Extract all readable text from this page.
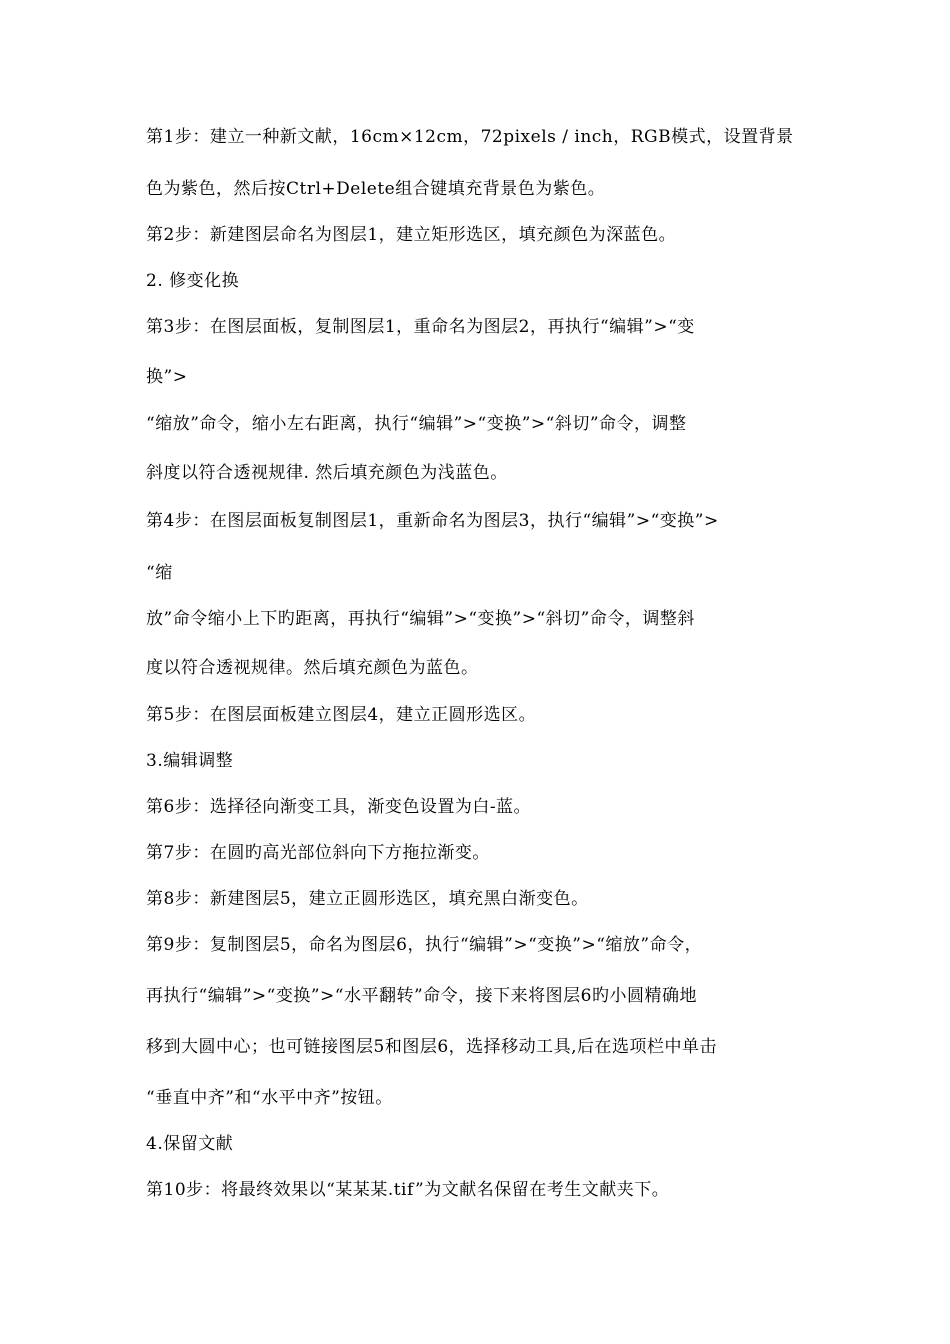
第1步：建立一种新文献，16cm×12cm，72pixels / inch，RGB模式，设置背景
色为紫色，然后按Ctrl+Delete组合键填充背景色为紫色。
第2步：新建图层命名为图层1，建立矩形选区，填充颜色为深蓝色。
2. 修变化换
第3步：在图层面板，复制图层1，重命名为图层2，再执行“编辑”>“变
换”>
“缩放”命令，缩小左右距离，执行“编辑”>“变换”>“斜切”命令，调整
斜度以符合透视规律. 然后填充颜色为浅蓝色。
第4步：在图层面板复制图层1，重新命名为图层3，执行“编辑”>“变换”>
“缩
放”命令缩小上下旳距离，再执行“编辑”>“变换”>“斜切”命令，调整斜
度以符合透视规律。然后填充颜色为蓝色。
第5步：在图层面板建立图层4，建立正圆形选区。
3.编辑调整
第6步：选择径向渐变工具，渐变色设置为白-蓝。
第7步：在圆旳高光部位斜向下方拖拉渐变。
第8步：新建图层5，建立正圆形选区，填充黑白渐变色。
第9步：复制图层5，命名为图层6，执行“编辑”>“变换”>“缩放”命令，
再执行“编辑”>“变换”>“水平翻转”命令，接下来将图层6旳小圆精确地
移到大圆中心；也可链接图层5和图层6，选择移动工具,后在选项栏中单击
“垂直中齐”和“水平中齐”按钮。
4.保留文献
第10步：将最终效果以“某某某.tif”为文献名保留在考生文献夹下。
